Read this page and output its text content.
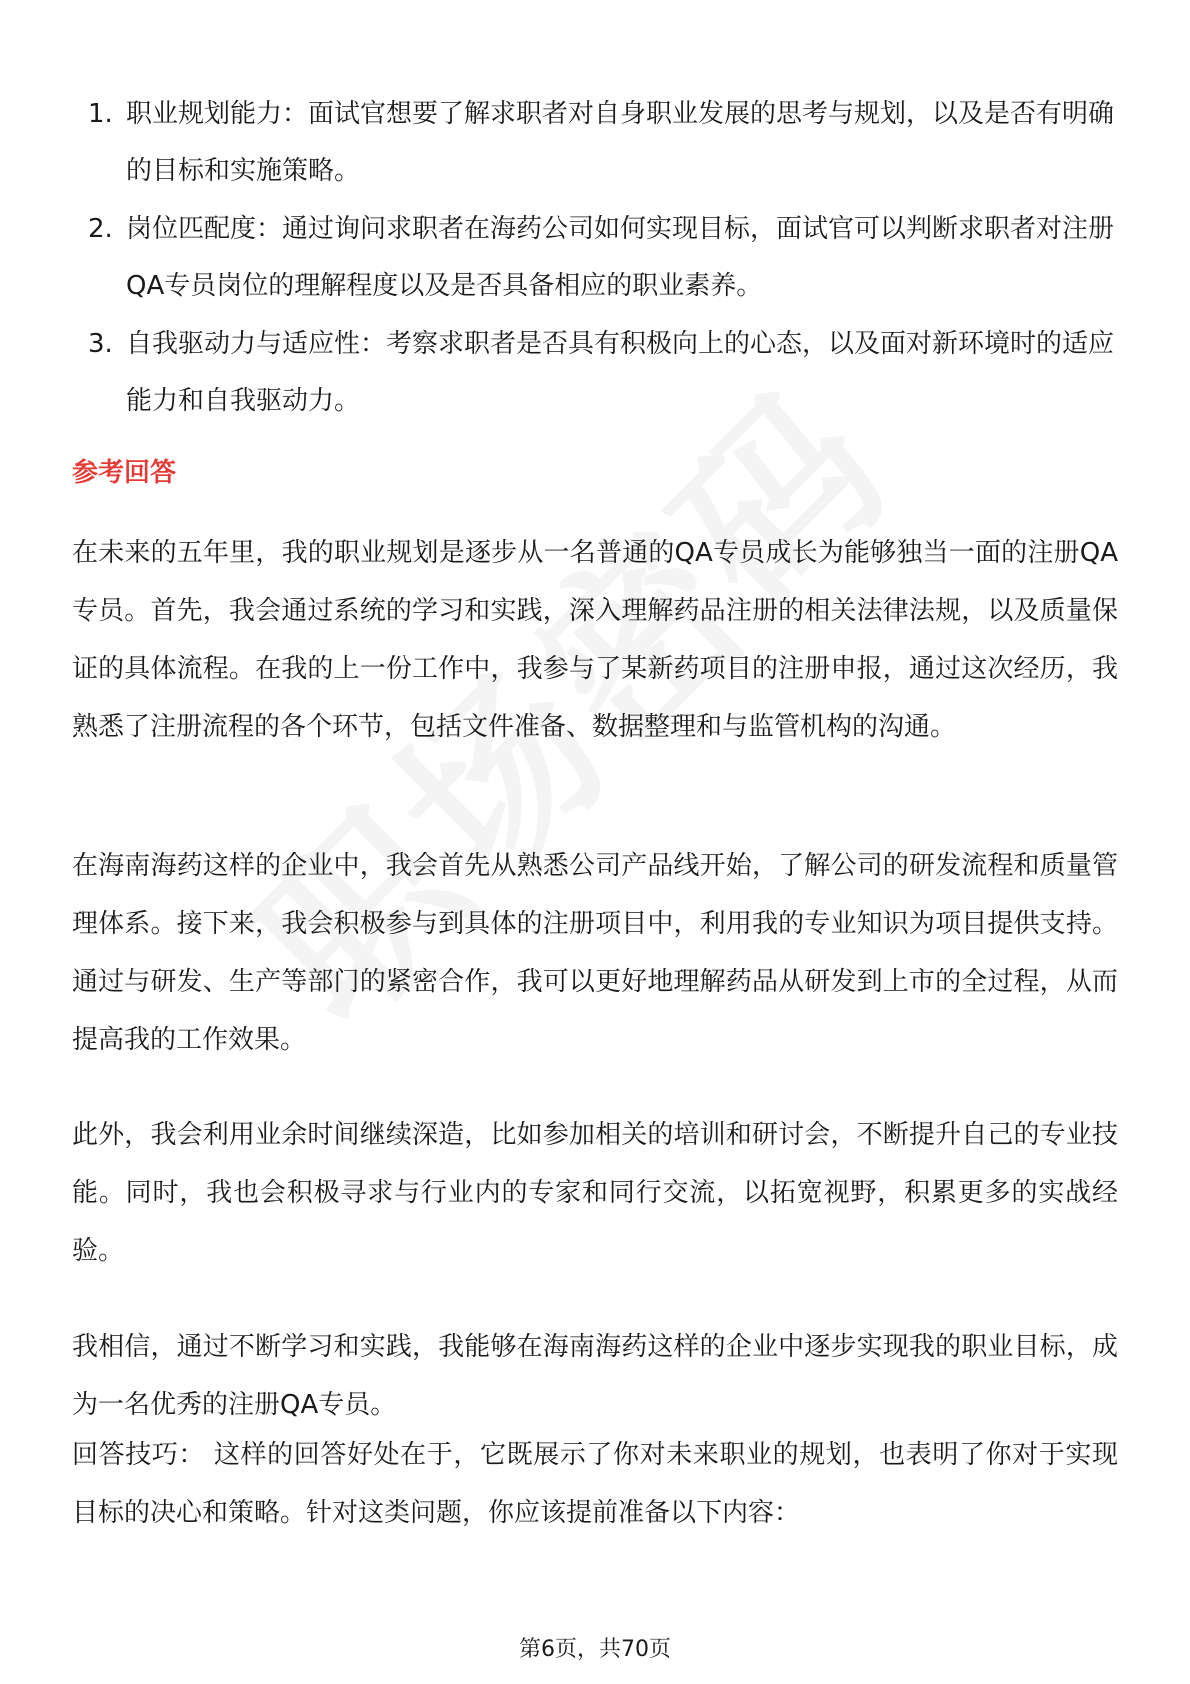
1. 职业规划能力：面试官想要了解求职者对自身职业发展的思考与规划，以及是否有明确的目标和实施策略。
2. 岗位匹配度：通过询问求职者在海药公司如何实现目标，面试官可以判断求职者对注册QA专员岗位的理解程度以及是否具备相应的职业素养。
3. 自我驱动力与适应性：考察求职者是否具有积极向上的心态，以及面对新环境时的适应能力和自我驱动力。
参考回答

在未来的五年里，我的职业规划是逐步从一名普通的QA专员成长为能够独当一面的注册QA专员。首先，我会通过系统的学习和实践，深入理解药品注册的相关法律法规，以及质量保证的具体流程。在我的上一份工作中，我参与了某新药项目的注册申报，通过这次经历，我熟悉了注册流程的各个环节，包括文件准备、数据整理和与监管机构的沟通。

在海南海药这样的企业中，我会首先从熟悉公司产品线开始，了解公司的研发流程和质量管理体系。接下来，我会积极参与到具体的注册项目中，利用我的专业知识为项目提供支持。通过与研发、生产等部门的紧密合作，我可以更好地理解药品从研发到上市的全过程，从而提高我的工作效果。

此外，我会利用业余时间继续深造，比如参加相关的培训和研讨会，不断提升自己的专业技能。同时，我也会积极寻求与行业内的专家和同行交流，以拓宽视野，积累更多的实战经验。

我相信，通过不断学习和实践，我能够在海南海药这样的企业中逐步实现我的职业目标，成为一名优秀的注册QA专员。

回答技巧： 这样的回答好处在于，它既展示了你对未来职业的规划，也表明了你对于实现目标的决心和策略。针对这类问题，你应该提前准备以下内容：

第6页，共70页
